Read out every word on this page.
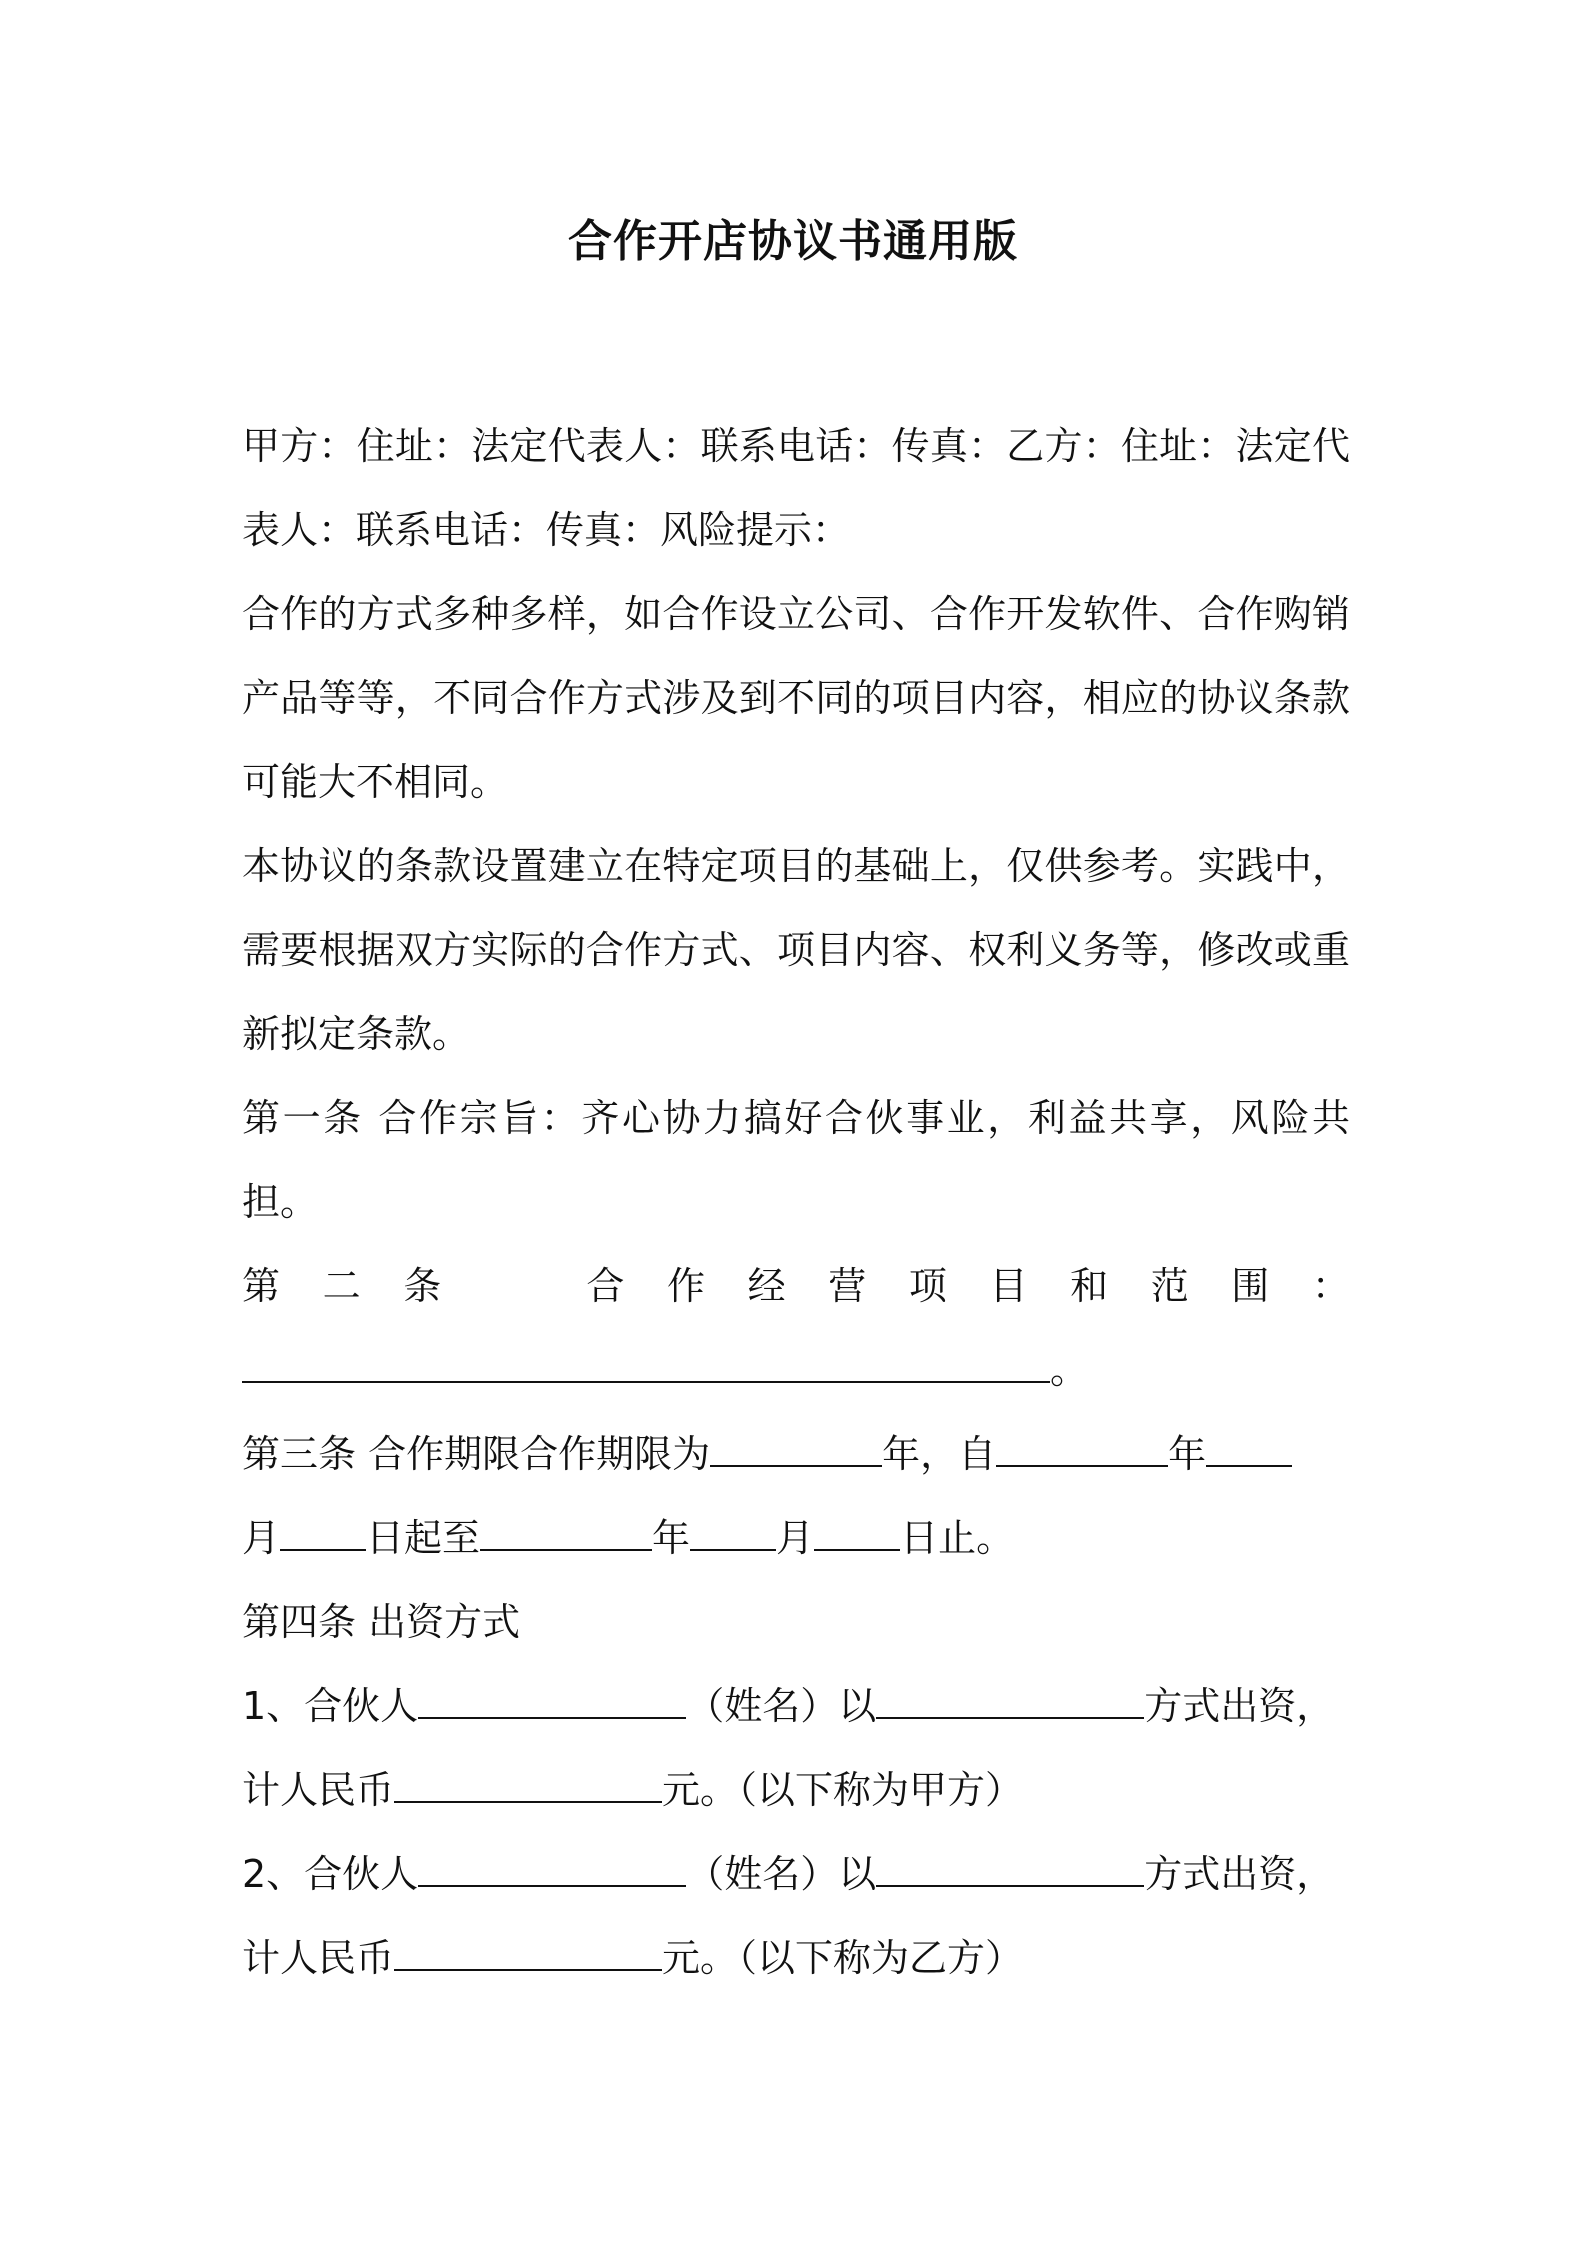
合作开店协议书通用版

甲方：住址：法定代表人：联系电话：传真：乙方：住址：法定代表人：联系电话：传真：风险提示：

合作的方式多种多样，如合作设立公司、合作开发软件、合作购销产品等等，不同合作方式涉及到不同的项目内容，相应的协议条款可能大不相同。

本协议的条款设置建立在特定项目的基础上，仅供参考。实践中，需要根据双方实际的合作方式、项目内容、权利义务等，修改或重新拟定条款。

第一条 合作宗旨：齐心协力搞好合伙事业，利益共享，风险共担。

第 二 条	合 作 经 营 项 目 和 范 围 ：

。

第三条 合作期限合作期限为	年，自	年
月 日起至	年 月 日止。

第四条 出资方式

1、合伙人	（姓名）以	方式出资，
计人民币	元。（以下称为甲方）

2、合伙人	（姓名）以	方式出资，
计人民币	元。（以下称为乙方）
